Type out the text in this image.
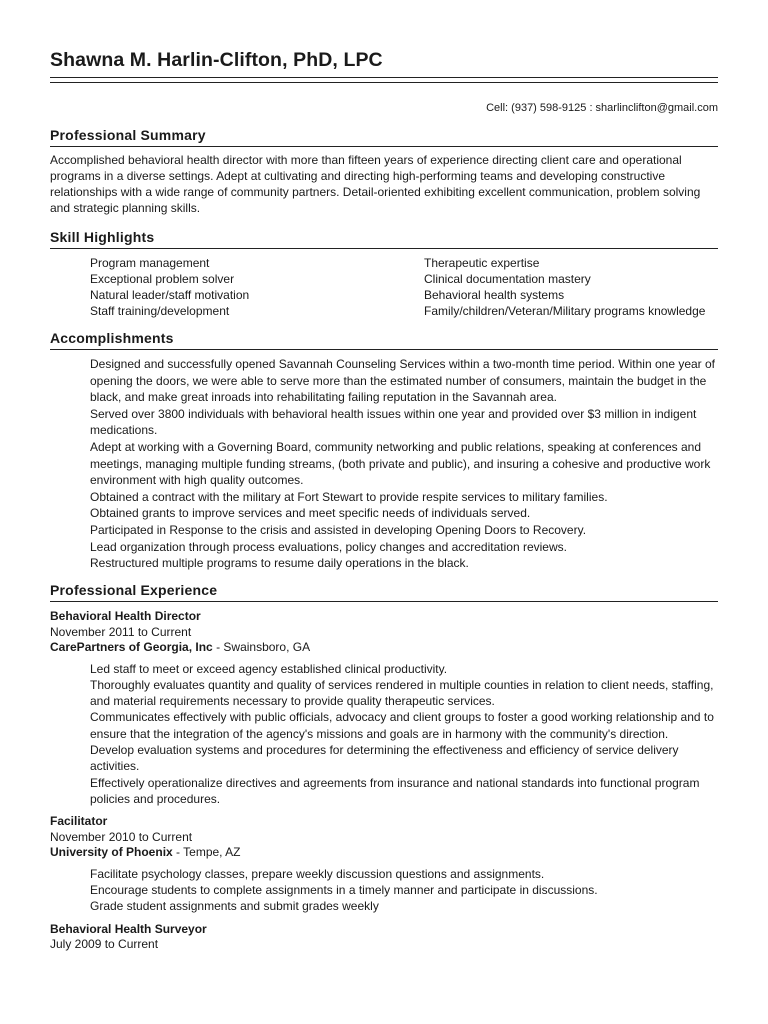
Shawna M. Harlin-Clifton, PhD, LPC
Cell: (937) 598-9125 : sharlinclifton@gmail.com
Professional Summary

Accomplished behavioral health director with more than fifteen years of experience directing client care and operational programs in a diverse settings. Adept at cultivating and directing high-performing teams and developing constructive relationships with a wide range of community partners. Detail-oriented exhibiting excellent communication, problem solving and strategic planning skills.

Skill Highlights
Program management
Exceptional problem solver
Natural leader/staff motivation
Staff training/development
Therapeutic expertise
Clinical documentation mastery
Behavioral health systems
Family/children/Veteran/Military programs knowledge
Accomplishments
Designed and successfully opened Savannah Counseling Services within a two-month time period. Within one year of opening the doors, we were able to serve more than the estimated number of consumers, maintain the budget in the black, and make great inroads into rehabilitating failing reputation in the Savannah area.
Served over 3800 individuals with behavioral health issues within one year and provided over $3 million in indigent medications.
Adept at working with a Governing Board, community networking and public relations, speaking at conferences and meetings, managing multiple funding streams, (both private and public), and insuring a cohesive and productive work environment with high quality outcomes.
Obtained a contract with the military at Fort Stewart to provide respite services to military families.
Obtained grants to improve services and meet specific needs of individuals served.
Participated in Response to the crisis and assisted in developing Opening Doors to Recovery.
Lead organization through process evaluations, policy changes and accreditation reviews.
Restructured multiple programs to resume daily operations in the black.
Professional Experience
Behavioral Health Director
November 2011 to Current
CarePartners of Georgia, Inc - Swainsboro, GA
Led staff to meet or exceed agency established clinical productivity.
Thoroughly evaluates quantity and quality of services rendered in multiple counties in relation to client needs, staffing, and material requirements necessary to provide quality therapeutic services.
Communicates effectively with public officials, advocacy and client groups to foster a good working relationship and to ensure that the integration of the agency's missions and goals are in harmony with the community's direction.
Develop evaluation systems and procedures for determining the effectiveness and efficiency of service delivery activities.
Effectively operationalize directives and agreements from insurance and national standards into functional program policies and procedures.
Facilitator
November 2010 to Current
University of Phoenix - Tempe, AZ
Facilitate psychology classes, prepare weekly discussion questions and assignments.
Encourage students to complete assignments in a timely manner and participate in discussions.
Grade student assignments and submit grades weekly
Behavioral Health Surveyor
July 2009 to Current
